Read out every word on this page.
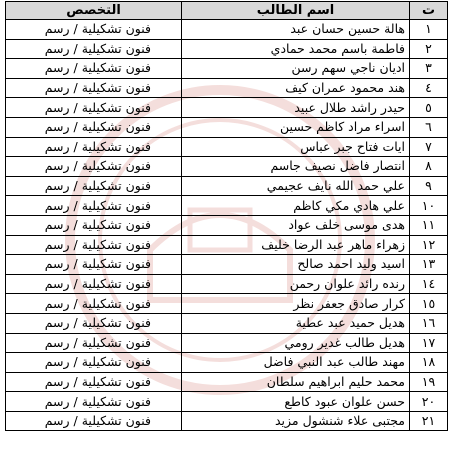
ت	اسم الطالب	التخصص
١	هالة حسين حسان عبد	فنون تشكيلية / رسم
٢	فاطمة باسم محمد حمادي	فنون تشكيلية / رسم
٣	اديان ناجي سهم رسن	فنون تشكيلية / رسم
٤	هند محمود عمران كيف	فنون تشكيلية / رسم
٥	حيدر راشد طلال عبيد	فنون تشكيلية / رسم
٦	اسراء مراد كاظم حسين	فنون تشكيلية / رسم
٧	ايات فتاح جبر عباس	فنون تشكيلية / رسم
٨	انتصار فاضل نصيف جاسم	فنون تشكيلية / رسم
٩	علي حمد الله نايف عجيمي	فنون تشكيلية / رسم
١٠	علي هادي مكي كاظم	فنون تشكيلية / رسم
١١	هدى موسى خلف عواد	فنون تشكيلية / رسم
١٢	زهراء ماهر عبد الرضا خليف	فنون تشكيلية / رسم
١٣	اسيد وليد احمد صالح	فنون تشكيلية / رسم
١٤	رنده رائد علوان رحمن	فنون تشكيلية / رسم
١٥	كرار صادق جعفر نظر	فنون تشكيلية / رسم
١٦	هديل حميد عبد عطية	فنون تشكيلية / رسم
١٧	هديل طالب غدير رومي	فنون تشكيلية / رسم
١٨	مهند طالب عبد النبي فاضل	فنون تشكيلية / رسم
١٩	محمد حليم ابراهيم سلطان	فنون تشكيلية / رسم
٢٠	حسن علوان عبود كاطع	فنون تشكيلية / رسم
٢١	مجتبى علاء شنشول مزيد	فنون تشكيلية / رسم
